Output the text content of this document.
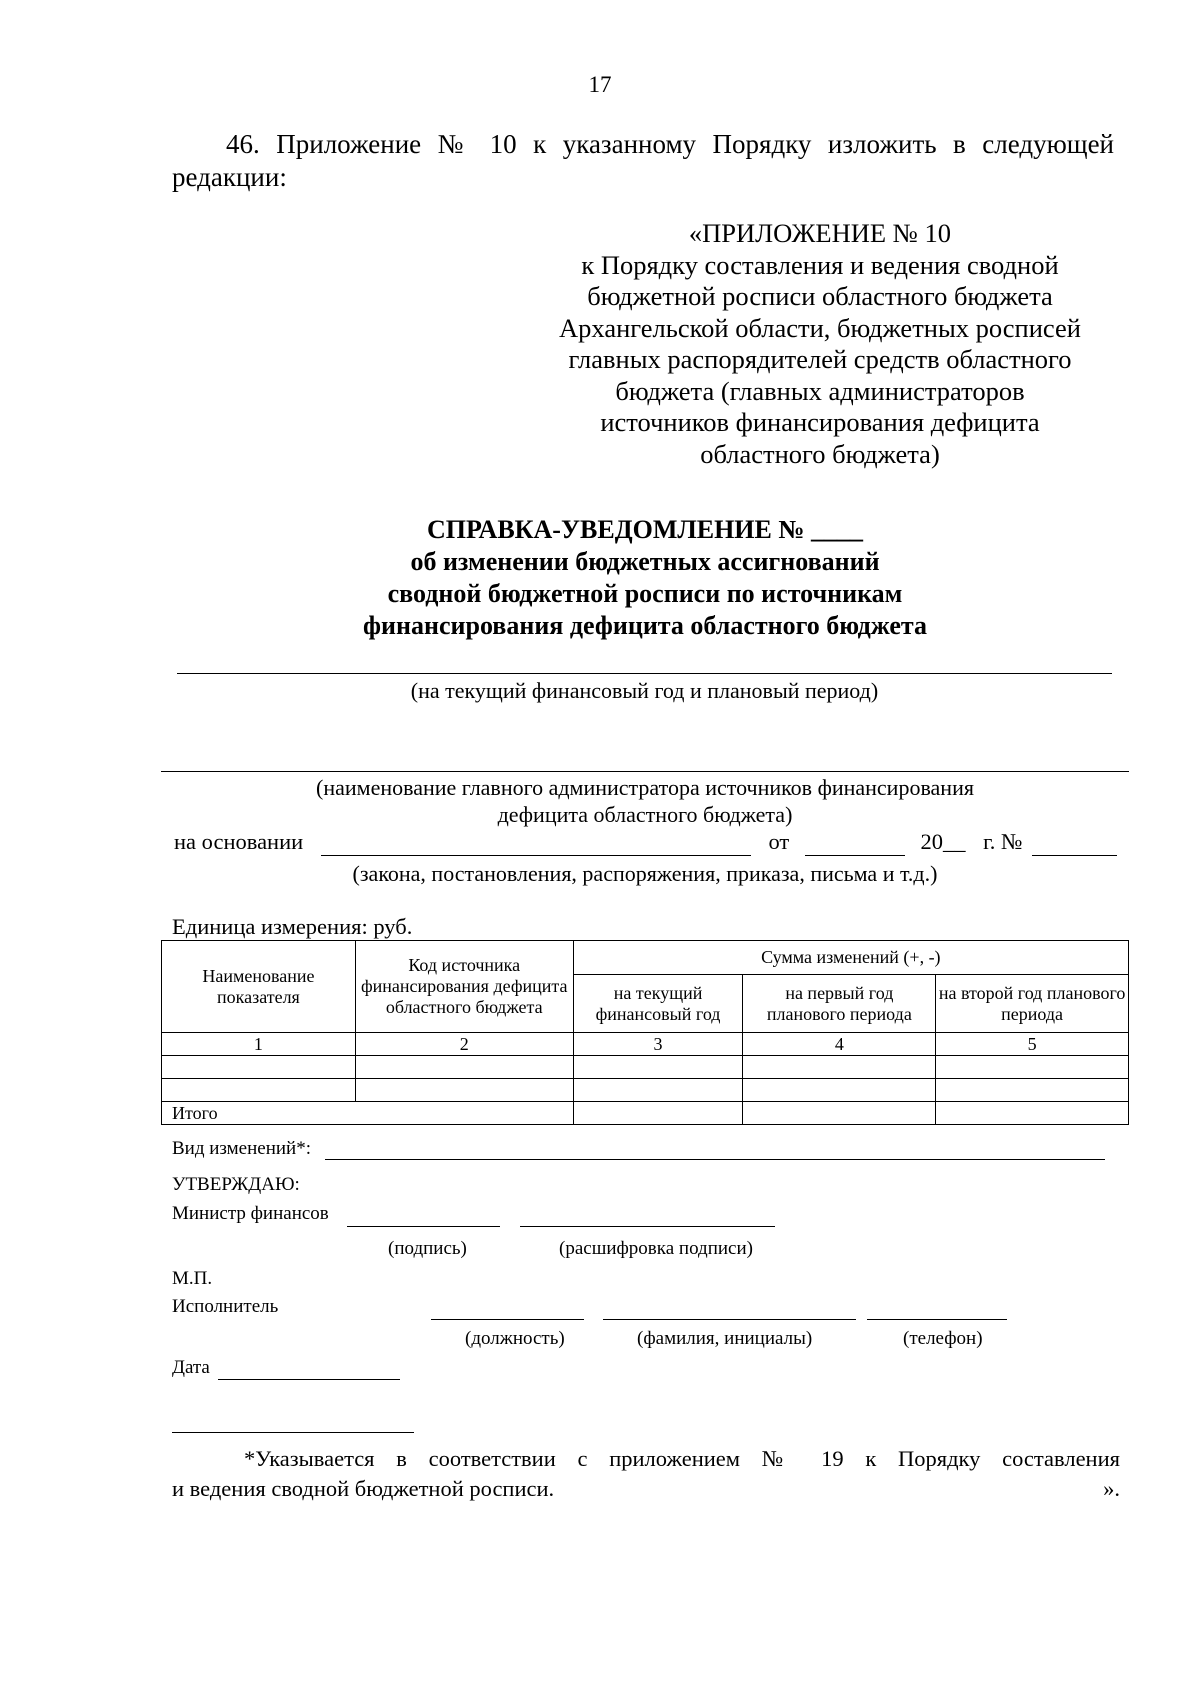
17
46. Приложение № 10 к указанному Порядку изложить в следующей
редакции:
«ПРИЛОЖЕНИЕ № 10
к Порядку составления и ведения сводной
бюджетной росписи областного бюджета
Архангельской области, бюджетных росписей
главных распорядителей средств областного
бюджета (главных администраторов
источников финансирования дефицита
областного бюджета)
СПРАВКА-УВЕДОМЛЕНИЕ № ____
об изменении бюджетных ассигнований
сводной бюджетной росписи по источникам
финансирования дефицита областного бюджета
(на текущий финансовый год и плановый период)
(наименование главного администратора источников финансирования
дефицита областного бюджета)
на основании	от	20__ г. №
(закона, постановления, распоряжения, приказа, письма и т.д.)
Единица измерения: руб.
Наименование показателя	Код источника финансирования дефицита областного бюджета	Сумма изменений (+, -)		
		на текущий финансовый год	на первый год планового периода	на второй год планового периода
1	2	3	4	5

Итого				
Вид изменений*:
УТВЕРЖДАЮ:
Министр финансов
(подпись)	(расшифровка подписи)
М.П.
Исполнитель
(должность)	(фамилия, инициалы)	(телефон)
Дата
*Указывается в соответствии с приложением № 19 к Порядку составления
и ведения сводной бюджетной росписи.	».
